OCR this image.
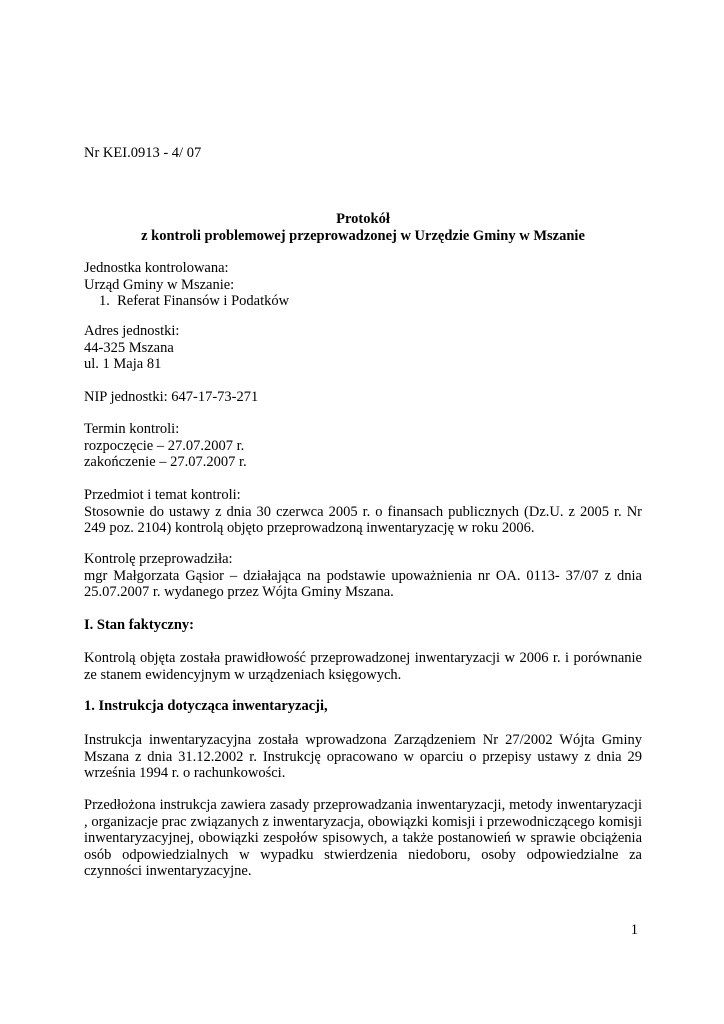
Nr KEI.0913 - 4/ 07
Protokół
z kontroli problemowej przeprowadzonej w Urzędzie Gminy w Mszanie
Jednostka kontrolowana:
Urząd Gminy w Mszanie:
1. Referat Finansów i Podatków
Adres jednostki:
44-325 Mszana
ul. 1 Maja 81
NIP jednostki: 647-17-73-271
Termin kontroli:
rozpoczęcie – 27.07.2007 r.
zakończenie – 27.07.2007 r.
Przedmiot i temat kontroli:
Stosownie do ustawy z dnia 30 czerwca 2005 r. o finansach publicznych (Dz.U. z 2005 r. Nr 249 poz. 2104) kontrolą objęto przeprowadzoną inwentaryzację w roku 2006.
Kontrolę przeprowadziła:
mgr Małgorzata Gąsior – działająca na podstawie upoważnienia nr OA. 0113- 37/07 z dnia 25.07.2007 r. wydanego przez Wójta Gminy Mszana.
I. Stan faktyczny:
Kontrolą objęta została prawidłowość przeprowadzonej inwentaryzacji w 2006 r. i porównanie ze stanem ewidencyjnym w urządzeniach księgowych.
1. Instrukcja dotycząca inwentaryzacji,
Instrukcja inwentaryzacyjna została wprowadzona Zarządzeniem Nr 27/2002 Wójta Gminy Mszana z dnia 31.12.2002 r. Instrukcję opracowano w oparciu o przepisy ustawy z dnia 29 września 1994 r. o rachunkowości.
Przedłożona instrukcja zawiera zasady przeprowadzania inwentaryzacji, metody inwentaryzacji , organizacje prac związanych z inwentaryzacja, obowiązki komisji i przewodniczącego komisji inwentaryzacyjnej, obowiązki zespołów spisowych, a także postanowień w sprawie obciążenia osób odpowiedzialnych w wypadku stwierdzenia niedoboru, osoby odpowiedzialne za czynności inwentaryzacyjne.
1
